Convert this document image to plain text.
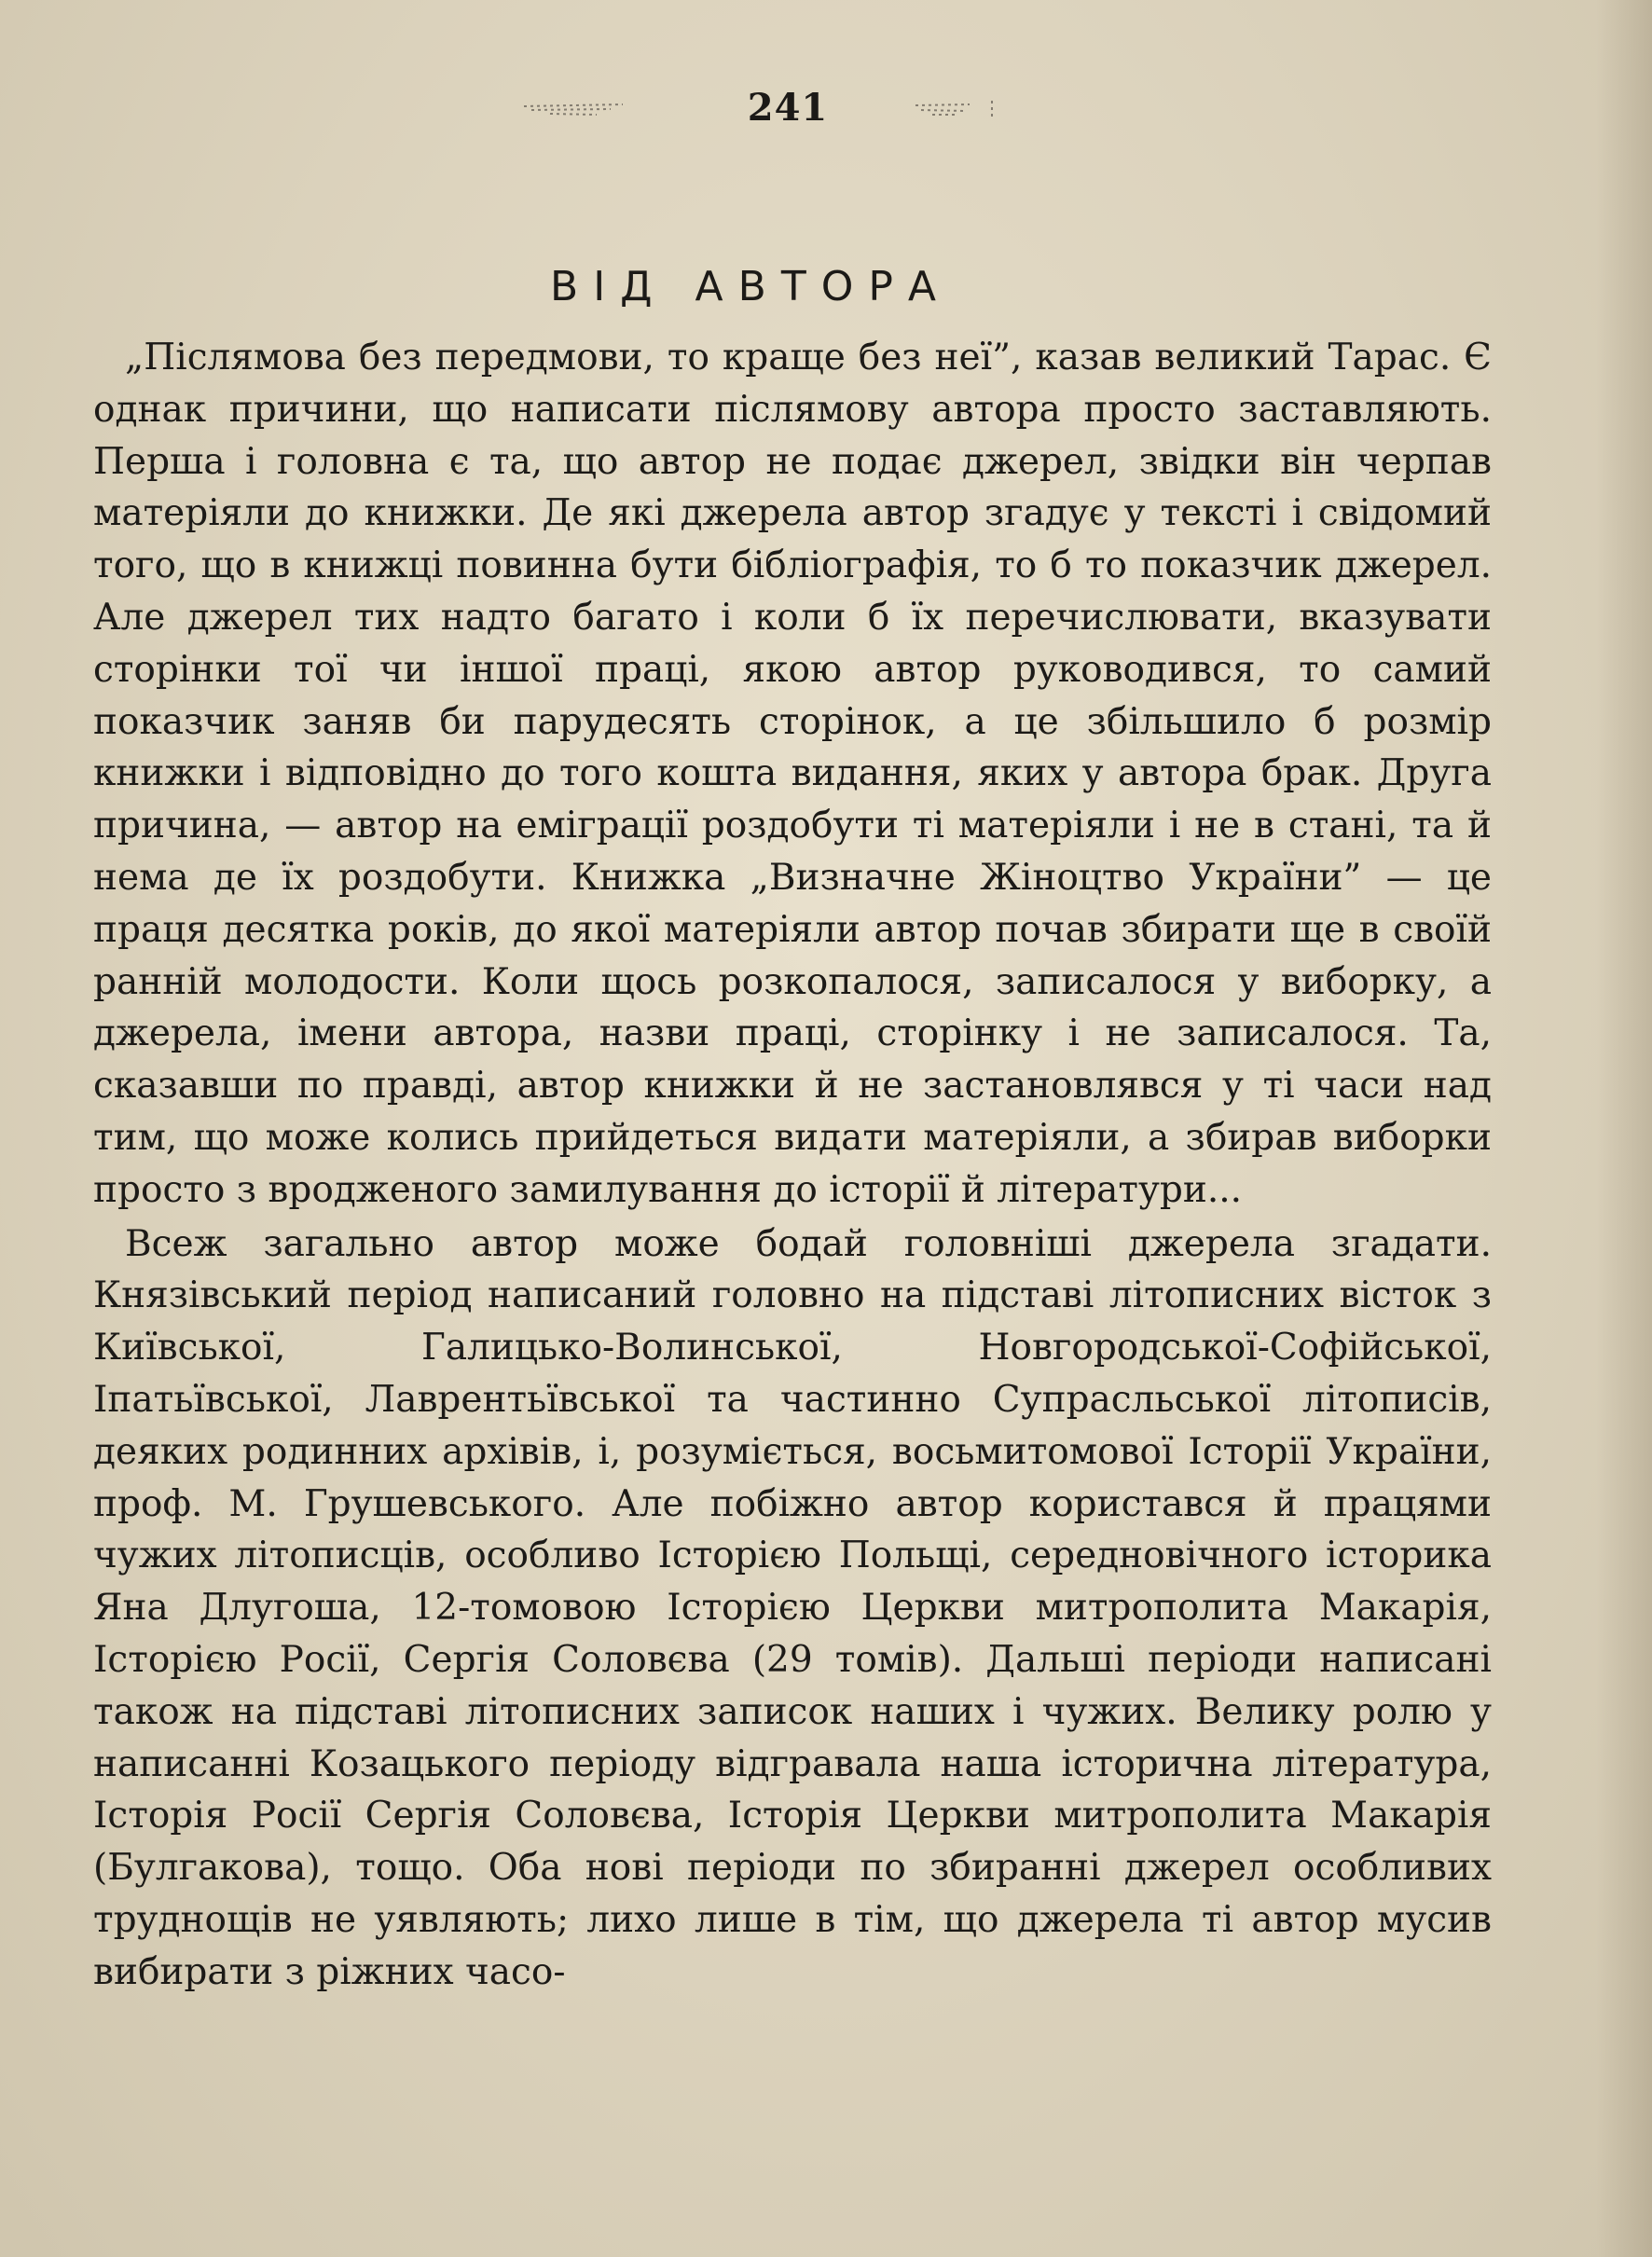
241
ВІД АВТОРА

„Післямова без передмови, то краще без неї”, казав великий Тарас. Є однак причини, що написати післямову автора просто заставляють. Перша і головна є та, що автор не подає джерел, звідки він черпав матеріяли до книжки. Де які джерела автор згадує у тексті і свідомий того, що в книжці повинна бути бібліографія, то б то показчик джерел. Але джерел тих надто багато і коли б їх перечислювати, вказувати сторінки тої чи іншої праці, якою автор руководився, то самий показчик заняв би парудесять сторінок, а це збільшило б розмір книжки і відповідно до того кошта видання, яких у автора брак. Друга причина, — автор на еміграції роздобути ті матеріяли і не в стані, та й нема де їх роздобути. Книжка „Визначне Жіноцтво України” — це праця десятка років, до якої матеріяли автор почав збирати ще в своїй ранній молодости. Коли щось розкопалося, записалося у виборку, а джерела, імени автора, назви праці, сторінку і не записалося. Та, сказавши по правді, автор книжки й не застановлявся у ті часи над тим, що може колись прийдеться видати матеріяли, а збирав виборки просто з вродженого замилування до історії й літератури...

Всеж загально автор може бодай головніші джерела згадати. Князівський період написаний головно на підставі літописних вісток з Київської, Галицько-Волинської, Новгородської-Софійської, Іпатьївської, Лаврентьївської та частинно Супрасльської літописів, деяких родинних архівів, і, розуміється, восьмитомової Історії України, проф. М. Грушевського. Але побіжно автор користався й працями чужих літописців, особливо Історією Польщі, середновічного історика Яна Длугоша, 12-томовою Історією Церкви митрополита Макарія, Історією Росії, Сергія Соловєва (29 томів). Дальші періоди написані також на підставі літописних записок наших і чужих. Велику ролю у написанні Козацького періоду відгравала наша історична література, Історія Росії Сергія Соловєва, Історія Церкви митрополита Макарія (Булгакова), тощо. Оба нові періоди по збиранні джерел особливих труднощів не уявляють; лихо лише в тім, що джерела ті автор мусив вибирати з ріжних часо-
